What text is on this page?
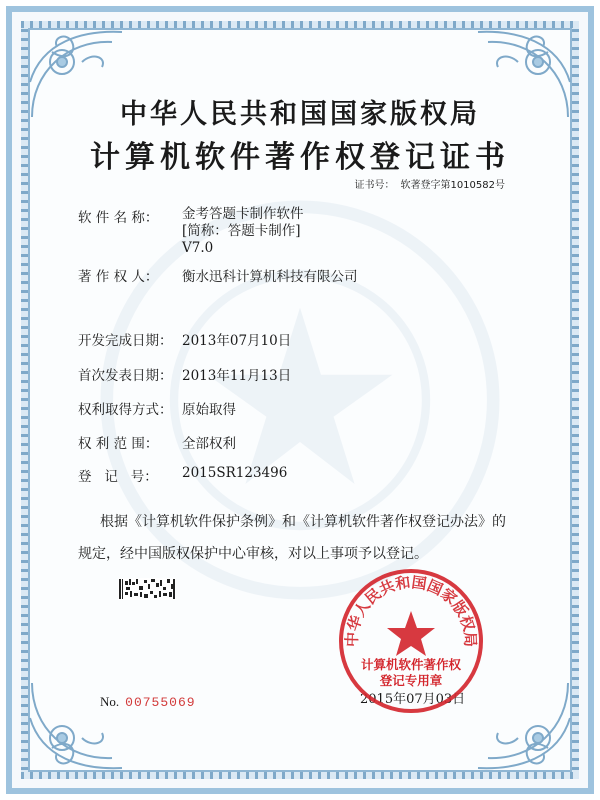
中华人民共和国国家版权局
计算机软件著作权登记证书
证书号： 软著登字第1010582号
软 件 名 称：	金考答题卡制作软件
[简称：答题卡制作]
V7.0
著 作 权 人：	衡水迅科计算机科技有限公司
开发完成日期： 2013年07月10日
首次发表日期： 2013年11月13日
权利取得方式： 原始取得
权 利 范 围：	全部权利
登   记   号：	2015SR123496
根据《计算机软件保护条例》和《计算机软件著作权登记办法》的
规定，经中国版权保护中心审核，对以上事项予以登记。
No. 00755069	2015年07月03日
中华人民共和国国家版权局
计算机软件著作权
登记专用章
